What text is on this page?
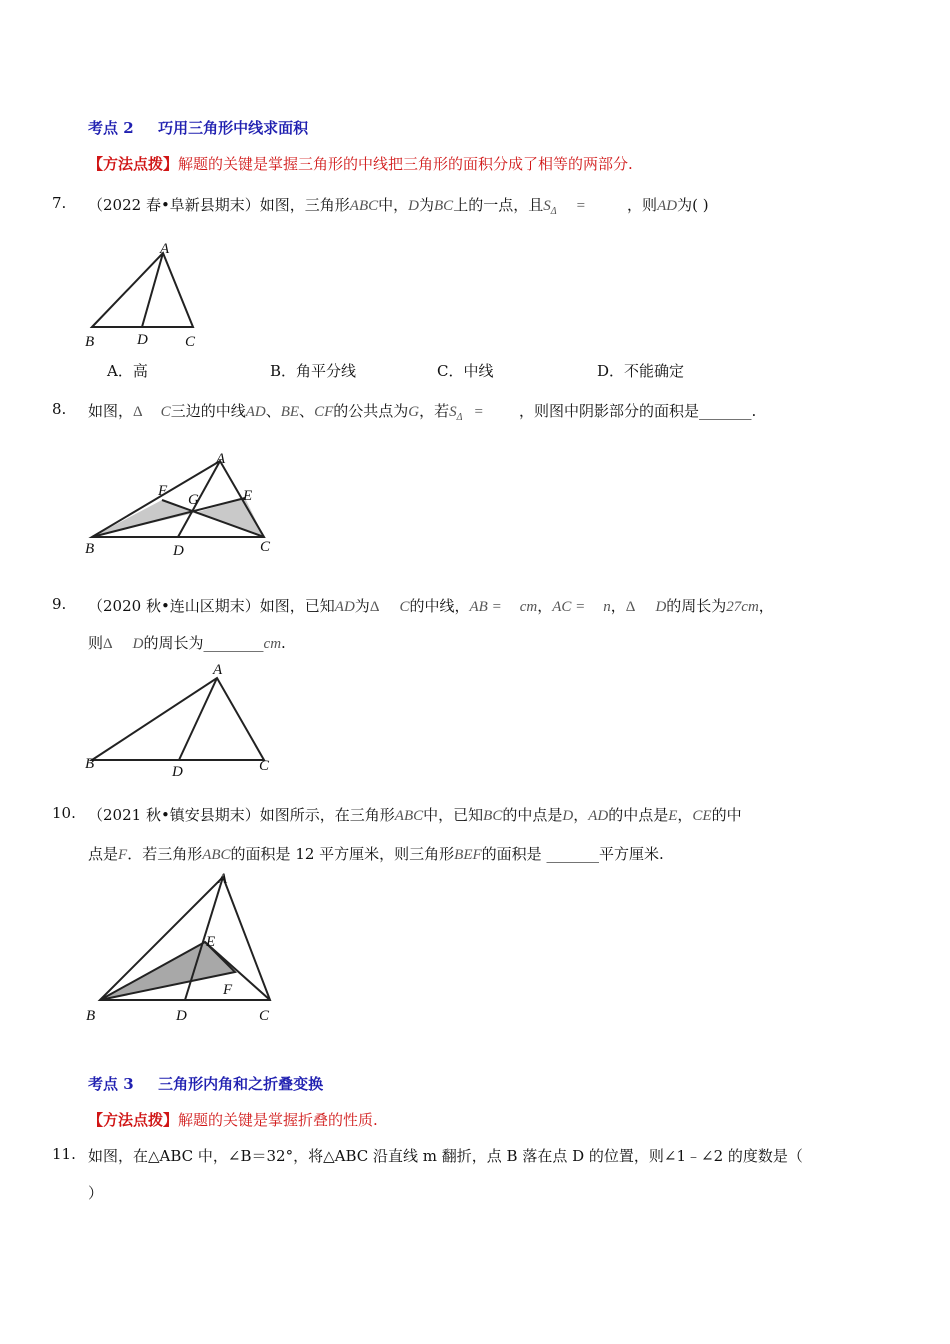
考点 2 巧用三角形中线求面积
【方法点拨】解题的关键是掌握三角形的中线把三角形的面积分成了相等的两部分.
7. （2022 春•阜新县期末）如图，三角形ABC中，D为BC上的一点，且$S_\Delta$ =	，则AD为( )
A
B	D C
A．高	B．角平分线	C．中线	D．不能确定
8. 如图，Δ C三边的中线AD、BE、CF的公共点为G，若$S_\Delta$ = ，则图中阴影部分的面积是_______.
A
F
G	E
B	D	C
9. （2020 秋•连山区期末）如图，已知AD为Δ C的中线，AB = cm，AC = n，Δ D的周长为27cm，
则Δ D的周长为________cm.
A
B	D	C
10. （2021 秋•镇安县期末）如图所示，在三角形ABC中，已知BC的中点是D，AD的中点是E，CE的中
点是F．若三角形ABC的面积是 12 平方厘米，则三角形BEF的面积是 _______平方厘米.
A
E
F
B	D	C
考点 3 三角形内角和之折叠变换
【方法点拨】解题的关键是掌握折叠的性质.
11. 如图，在△ABC 中，∠B＝32°，将△ABC 沿直线 m 翻折，点 B 落在点 D 的位置，则∠1﹣∠2 的度数是（
）
